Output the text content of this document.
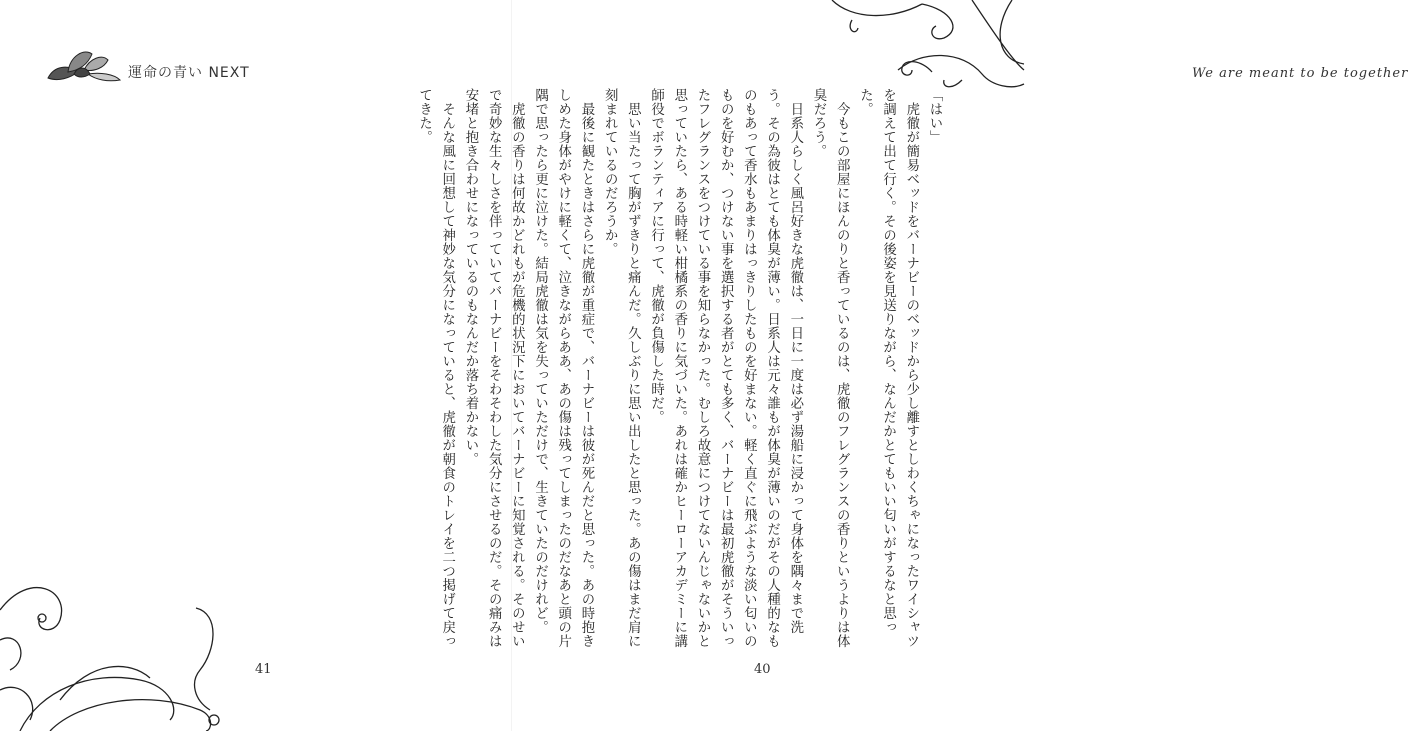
運命の青い NEXT

41
We are meant to be together

「はい」

　虎徹が簡易ベッドをバーナビーのベッドから少し離すとしわくちゃになったワイシャツを調えて出て行く。その後姿を見送りながら、なんだかとてもいい匂いがするなと思った。

　今もこの部屋にほんのりと香っているのは、虎徹のフレグランスの香りというよりは体臭だろう。

　日系人らしく風呂好きな虎徹は、一日に一度は必ず湯船に浸かって身体を隅々まで洗う。その為彼はとても体臭が薄い。日系人は元々誰もが体臭が薄いのだがその人種的なものもあって香水もあまりはっきりしたものを好まない。軽く直ぐに飛ぶような淡い匂いのものを好むか、つけない事を選択する者がとても多く、バーナビーは最初虎徹がそういったフレグランスをつけている事を知らなかった。むしろ故意につけてないんじゃないかと思っていたら、ある時軽い柑橘系の香りに気づいた。あれは確かヒーローアカデミーに講師役でボランティアに行って、虎徹が負傷した時だ。

　思い当たって胸がずきりと痛んだ。久しぶりに思い出したと思った。あの傷はまだ肩に刻まれているのだろうか。

　最後に観たときはさらに虎徹が重症で、バーナビーは彼が死んだと思った。あの時抱きしめた身体がやけに軽くて、泣きながらああ、あの傷は残ってしまったのだなあと頭の片隅で思ったら更に泣けた。結局虎徹は気を失っていただけで、生きていたのだけれど。

　虎徹の香りは何故かどれもが危機的状況下においてバーナビーに知覚される。そのせいで奇妙な生々しさを伴っていてバーナビーをそわそわした気分にさせるのだ。その痛みは安堵と抱き合わせになっているのもなんだか落ち着かない。

　そんな風に回想して神妙な気分になっていると、虎徹が朝食のトレイを二つ掲げて戻ってきた。

40
